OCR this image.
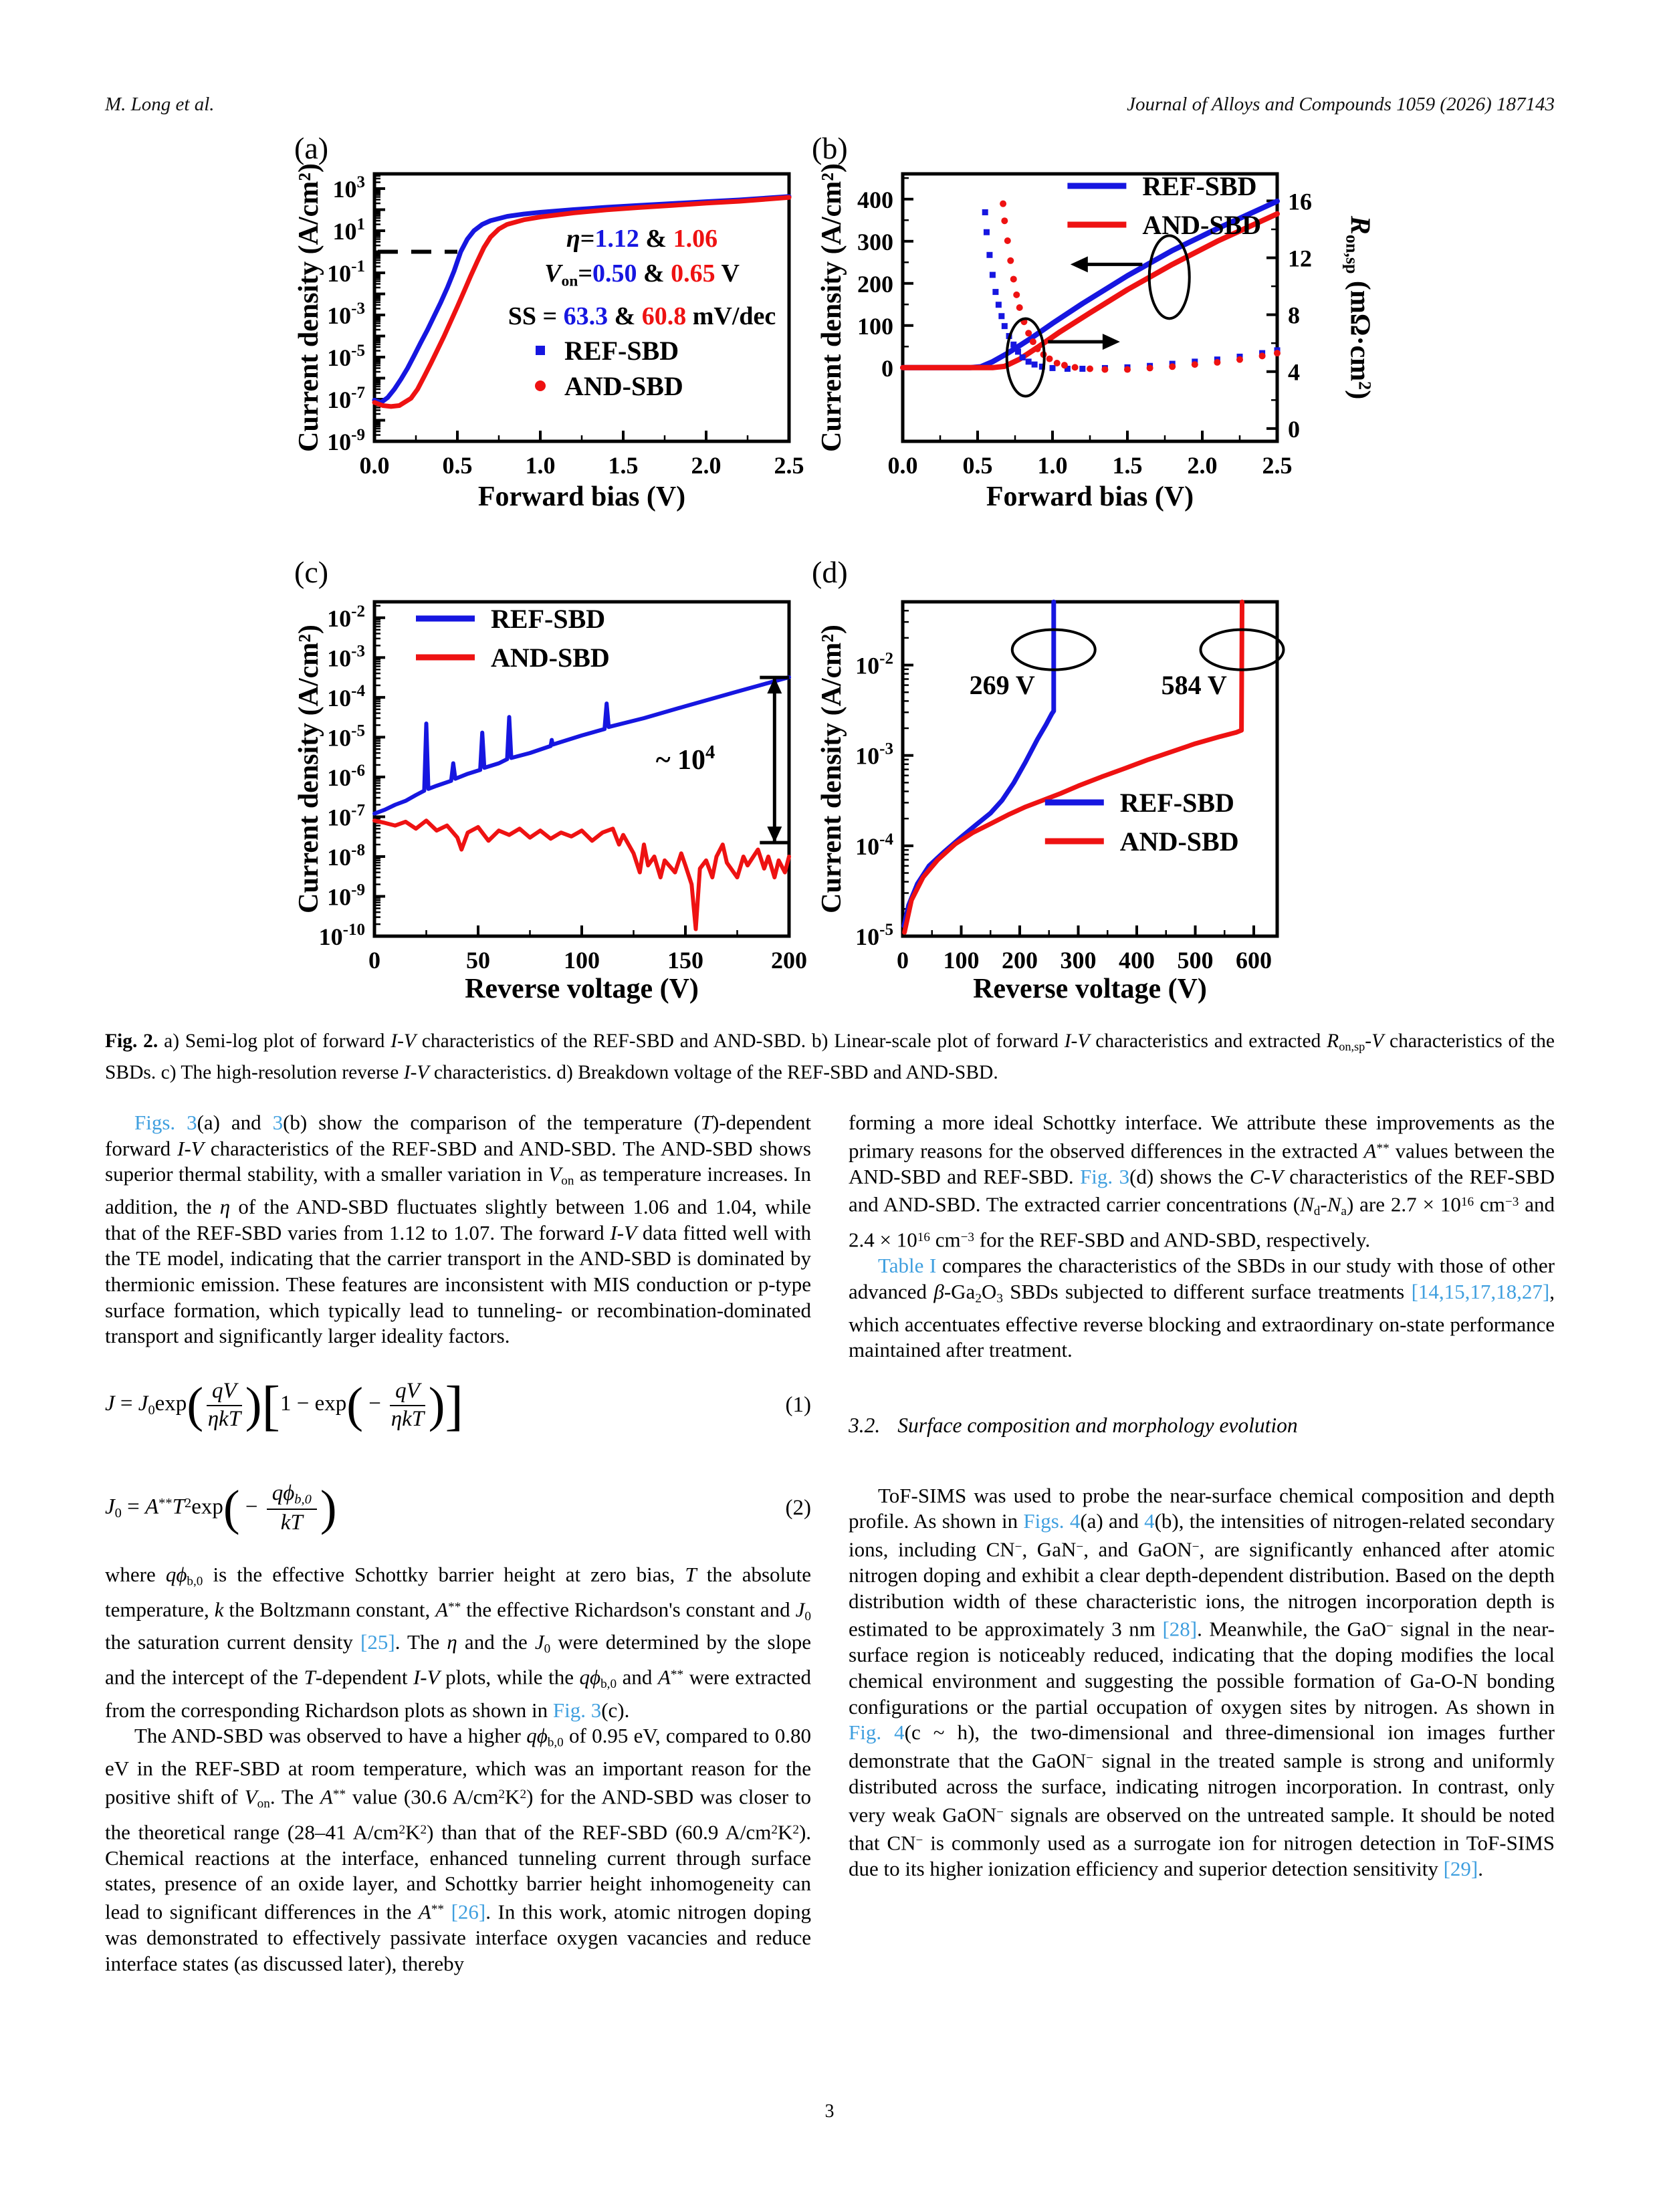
M. Long et al.	Journal of Alloys and Compounds 1059 (2026) 187143
0.0 0.5 1.0 1.5 2.0 2.5
$10^{-9}$
$10^{-7}$
$10^{-5}$
$10^{-3}$
$10^{-1}$
$10^1$
$10^3$
REF-SBD
AND-SBD
(a)
Current density (A/cm²)
Forward bias (V)
η=1.12 & 1.06
$V_{on}=0.50$ & 0.65 V
SS = 63.3 & 60.8 mV/dec
0.0 0.5 1.0 1.5 2.0 2.5
0
100
200
300
400
0
4
8
12
16
REF-SBD
AND-SBD
(b)
Current density (A/cm²)	$R_{on,sp}$ $(m\Omega\cdot cm^2)$
Forward bias (V)
0	50	100	150	200
$10^{-10}$
$10^{-9}$
$10^{-8}$
$10^{-7}$
$10^{-6}$
$10^{-5}$
$10^{-4}$
$10^{-3}$
$10^{-2}$
~ $10^4$
REF-SBD
AND-SBD
(c)
Current density (A/cm²)
Reverse voltage (V)
0 100 200 300 400 500 600
$10^{-5}$
$10^{-4}$
$10^{-3}$
$10^{-2}$
269 V	584 V
REF-SBD
AND-SBD
(d)
Current density (A/cm²)
Reverse voltage (V)
Fig. 2. a) Semi-log plot of forward I-V characteristics of the REF-SBD and AND-SBD. b) Linear-scale plot of forward I-V characteristics and extracted $R_{on,sp}-V$ characteristics of the SBDs. c) The high-resolution reverse I-V characteristics. d) Breakdown voltage of the REF-SBD and AND-SBD.

Figs. 3(a) and 3(b) show the comparison of the temperature (T)-dependent forward I-V characteristics of the REF-SBD and AND-SBD. The AND-SBD shows superior thermal stability, with a smaller variation in $V_{on}$ as temperature increases. In addition, the η of the AND-SBD fluctuates slightly between 1.06 and 1.04, while that of the REF-SBD varies from 1.12 to 1.07. The forward I-V data fitted well with the TE model, indicating that the carrier transport in the AND-SBD is dominated by thermionic emission. These features are inconsistent with MIS conduction or p-type surface formation, which typically lead to tunneling- or recombination-dominated transport and significantly larger ideality factors.

$J = J_0\exp( \frac{qV}{\text{ηkT}} )[1 - \exp( - \frac{qV}{\text{ηkT}}$ )]	(1)
$J_0 = A^{**}T^2\exp( - \frac{q\phi_{b,0}}{kT}$ )	(2)

where $q\phi_{b,0}$ is the effective Schottky barrier height at zero bias, T the absolute temperature, k the Boltzmann constant, A** the effective Richardson's constant and $J_0$ the saturation current density [25]. The η and the $J_0$ were determined by the slope and the intercept of the T-dependent I-V plots, while the $q\phi_{b,0}$ and A** were extracted from the corresponding Richardson plots as shown in Fig. 3(c).

The AND-SBD was observed to have a higher $q\phi_{b,0}$ of 0.95 eV, compared to 0.80 eV in the REF-SBD at room temperature, which was an important reason for the positive shift of $V_{on}$. The A** value (30.6 $A/cm^2K^2$) for the AND-SBD was closer to the theoretical range (28–41 $A/cm^2K^2$) than that of the REF-SBD (60.9 $A/cm^2K^2$). Chemical reactions at the interface, enhanced tunneling current through surface states, presence of an oxide layer, and Schottky barrier height inhomogeneity can lead to significant differences in the A** [26]. In this work, atomic nitrogen doping was demonstrated to effectively passivate interface oxygen vacancies and reduce interface states (as discussed later), thereby

forming a more ideal Schottky interface. We attribute these improvements as the primary reasons for the observed differences in the extracted A** values between the AND-SBD and REF-SBD. Fig. 3(d) shows the C-V characteristics of the REF-SBD and AND-SBD. The extracted carrier concentrations $(N_d-N_a)$ are $2.7 \times 10^{16}$ $cm^{-3}$ and $2.4 \times 10^{16}$ $cm^{-3}$ for the REF-SBD and AND-SBD, respectively.

Table I compares the characteristics of the SBDs in our study with those of other advanced $\beta-Ga_2O_3$ SBDs subjected to different surface treatments [14,15,17,18,27], which accentuates effective reverse blocking and extraordinary on-state performance maintained after treatment.

3.2. Surface composition and morphology evolution

ToF-SIMS was used to probe the near-surface chemical composition and depth profile. As shown in Figs. 4(a) and 4(b), the intensities of nitrogen-related secondary ions, including CN−, GaN−, and GaON−, are significantly enhanced after atomic nitrogen doping and exhibit a clear depth-dependent distribution. Based on the depth distribution width of these characteristic ions, the nitrogen incorporation depth is estimated to be approximately 3 nm [28]. Meanwhile, the GaO− signal in the near-surface region is noticeably reduced, indicating that the doping modifies the local chemical environment and suggesting the possible formation of Ga-O-N bonding configurations or the partial occupation of oxygen sites by nitrogen. As shown in Fig. 4(c ~ h), the two-dimensional and three-dimensional ion images further demonstrate that the GaON− signal in the treated sample is strong and uniformly distributed across the surface, indicating nitrogen incorporation. In contrast, only very weak GaON− signals are observed on the untreated sample. It should be noted that CN− is commonly used as a surrogate ion for nitrogen detection in ToF-SIMS due to its higher ionization efficiency and superior detection sensitivity [29].

3
